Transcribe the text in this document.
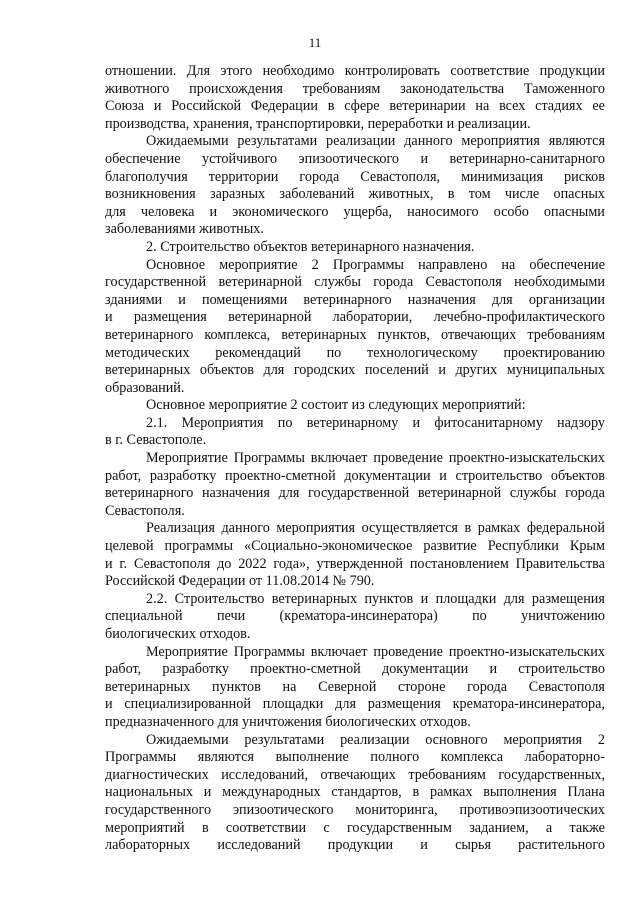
11
отношении. Для этого необходимо контролировать соответствие продукции
животного происхождения требованиям законодательства Таможенного
Союза и Российской Федерации в сфере ветеринарии на всех стадиях ее
производства, хранения, транспортировки, переработки и реализации.
Ожидаемыми результатами реализации данного мероприятия являются
обеспечение устойчивого эпизоотического и ветеринарно-санитарного
благополучия территории города Севастополя, минимизация рисков
возникновения заразных заболеваний животных, в том числе опасных
для человека и экономического ущерба, наносимого особо опасными
заболеваниями животных.
2. Строительство объектов ветеринарного назначения.
Основное мероприятие 2 Программы направлено на обеспечение
государственной ветеринарной службы города Севастополя необходимыми
зданиями и помещениями ветеринарного назначения для организации
и размещения ветеринарной лаборатории, лечебно-профилактического
ветеринарного комплекса, ветеринарных пунктов, отвечающих требованиям
методических рекомендаций по технологическому проектированию
ветеринарных объектов для городских поселений и других муниципальных
образований.
Основное мероприятие 2 состоит из следующих мероприятий:
2.1. Мероприятия по ветеринарному и фитосанитарному надзору
в г. Севастополе.
Мероприятие Программы включает проведение проектно-изыскательских
работ, разработку проектно-сметной документации и строительство объектов
ветеринарного назначения для государственной ветеринарной службы города
Севастополя.
Реализация данного мероприятия осуществляется в рамках федеральной
целевой программы «Социально-экономическое развитие Республики Крым
и г. Севастополя до 2022 года», утвержденной постановлением Правительства
Российской Федерации от 11.08.2014 № 790.
2.2. Строительство ветеринарных пунктов и площадки для размещения
специальной печи (крематора-инсинератора) по уничтожению
биологических отходов.
Мероприятие Программы включает проведение проектно-изыскательских
работ, разработку проектно-сметной документации и строительство
ветеринарных пунктов на Северной стороне города Севастополя
и специализированной площадки для размещения крематора-инсинератора,
предназначенного для уничтожения биологических отходов.
Ожидаемыми результатами реализации основного мероприятия 2
Программы являются выполнение полного комплекса лабораторно-
диагностических исследований, отвечающих требованиям государственных,
национальных и международных стандартов, в рамках выполнения Плана
государственного эпизоотического мониторинга, противоэпизоотических
мероприятий в соответствии с государственным заданием, а также
лабораторных исследований продукции и сырья растительного
